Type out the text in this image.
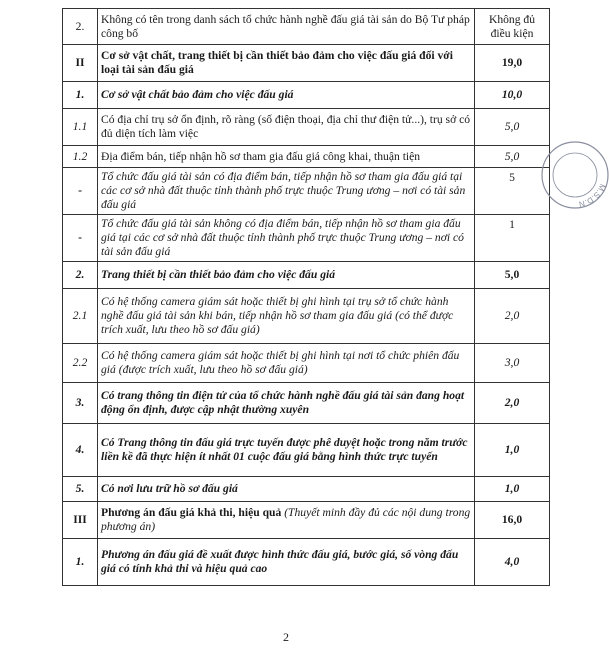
2.	Không có tên trong danh sách tổ chức hành nghề đấu giá tài sản do Bộ Tư pháp công bố	Không đủ điều kiện
II	Cơ sở vật chất, trang thiết bị cần thiết bảo đảm cho việc đấu giá đối với loại tài sản đấu giá	19,0
1.	Cơ sở vật chất bảo đảm cho việc đấu giá	10,0
1.1	Có địa chỉ trụ sở ổn định, rõ ràng (số điện thoại, địa chỉ thư điện tử...), trụ sở có đủ diện tích làm việc	5,0
1.2	Địa điểm bán, tiếp nhận hồ sơ tham gia đấu giá công khai, thuận tiện	5,0
-	Tổ chức đấu giá tài sản có địa điểm bán, tiếp nhận hồ sơ tham gia đấu giá tại các cơ sở nhà đất thuộc tỉnh thành phố trực thuộc Trung ương – nơi có tài sản đấu giá	5
-	Tổ chức đấu giá tài sản không có địa điểm bán, tiếp nhận hồ sơ tham gia đấu giá tại các cơ sở nhà đất thuộc tỉnh thành phố trực thuộc Trung ương – nơi có tài sản đấu giá	1
2.	Trang thiết bị cần thiết bảo đảm cho việc đấu giá	5,0
2.1	Có hệ thống camera giám sát hoặc thiết bị ghi hình tại trụ sở tổ chức hành nghề đấu giá tài sản khi bán, tiếp nhận hồ sơ tham gia đấu giá (có thể được trích xuất, lưu theo hồ sơ đấu giá)	2,0
2.2	Có hệ thống camera giám sát hoặc thiết bị ghi hình tại nơi tổ chức phiên đấu giá (được trích xuất, lưu theo hồ sơ đấu giá)	3,0
3.	Có trang thông tin điện tử của tổ chức hành nghề đấu giá tài sản đang hoạt động ổn định, được cập nhật thường xuyên	2,0
4.	Có Trang thông tin đấu giá trực tuyến được phê duyệt hoặc trong năm trước liền kề đã thực hiện ít nhất 01 cuộc đấu giá bằng hình thức trực tuyến	1,0
5.	Có nơi lưu trữ hồ sơ đấu giá	1,0
III	Phương án đấu giá khả thi, hiệu quả (Thuyết minh đầy đủ các nội dung trong phương án)	16,0
1.	Phương án đấu giá đề xuất được hình thức đấu giá, bước giá, số vòng đấu giá có tính khả thi và hiệu quả cao	4,0
M.S.D.N
2
